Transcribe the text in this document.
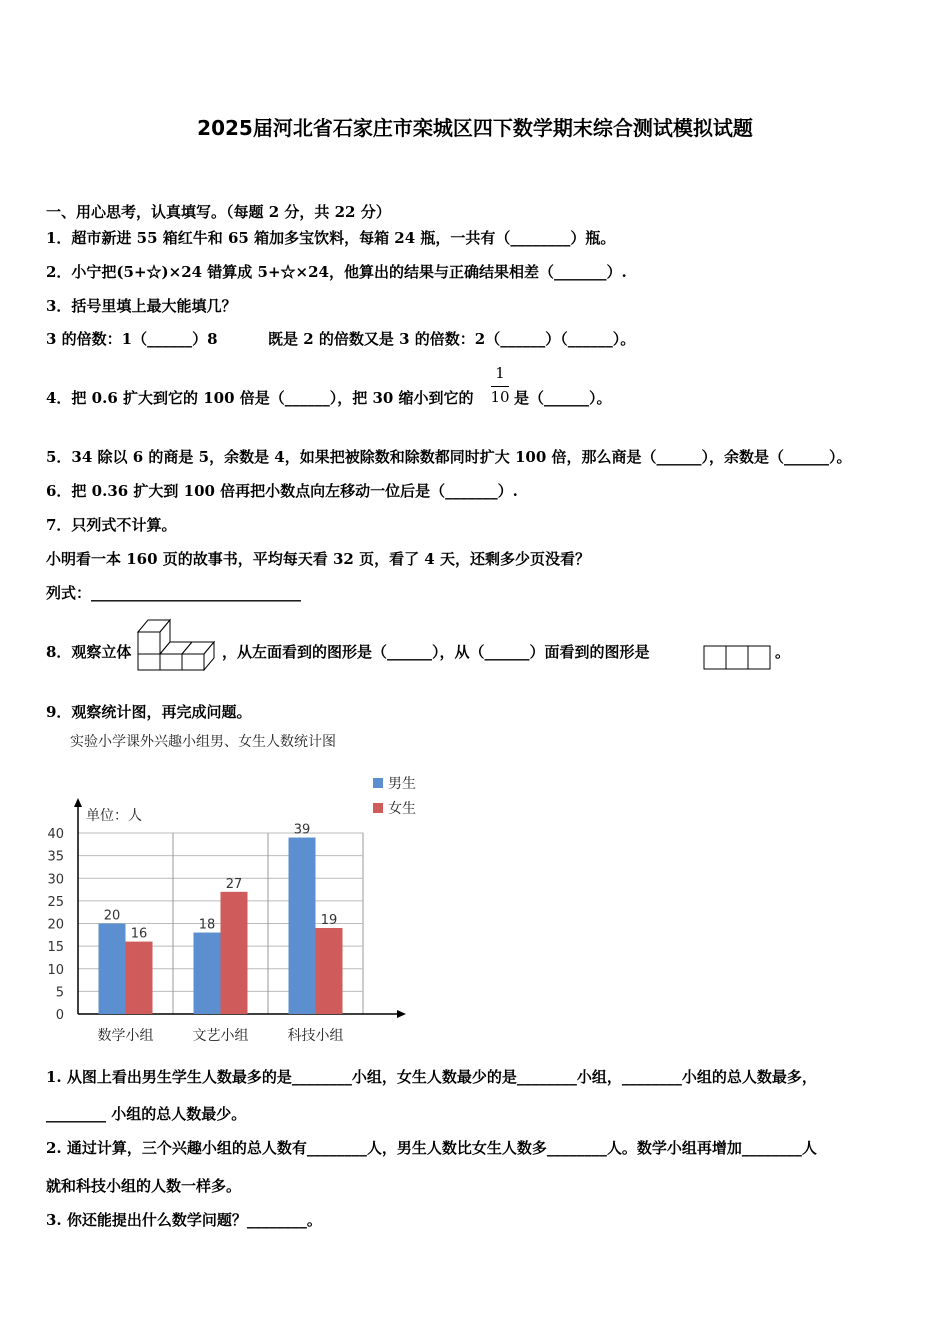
2025届河北省石家庄市栾城区四下数学期末综合测试模拟试题
一、用心思考，认真填写。（每题 2 分，共 22 分）
1．超市新进 55 箱红牛和 65 箱加多宝饮料，每箱 24 瓶，一共有（________）瓶。
2．小宁把(5+☆)×24 错算成 5+☆×24，他算出的结果与正确结果相差（_______）.
3．括号里填上最大能填几？
3 的倍数：1（______）8	既是 2 的倍数又是 3 的倍数：2（______）（______）。
4．把 0.6 扩大到它的 100 倍是（______），把 30 缩小到它的
1
10 是（______）。
5．34 除以 6 的商是 5，余数是 4，如果把被除数和除数都同时扩大 100 倍，那么商是（______），余数是（______）。
6．把 0.36 扩大到 100 倍再把小数点向左移动一位后是（_______）.
7．只列式不计算。
小明看一本 160 页的故事书，平均每天看 32 页，看了 4 天，还剩多少页没看？
列式：____________________________
8．观察立体	，从左面看到的图形是（______），从（______）面看到的图形是	。
9．观察统计图，再完成问题。
实验小学课外兴趣小组男、女生人数统计图
0
5
10
15
20
25
30
35
40
单位：人
20
16
数学小组
18
27
文艺小组
39
19
科技小组
男生
女生
1. 从图上看出男生学生人数最多的是________小组，女生人数最少的是________小组，________小组的总人数最多，
________ 小组的总人数最少。
2. 通过计算，三个兴趣小组的总人数有________人，男生人数比女生人数多________人。数学小组再增加________人
就和科技小组的人数一样多。
3. 你还能提出什么数学问题？________。
